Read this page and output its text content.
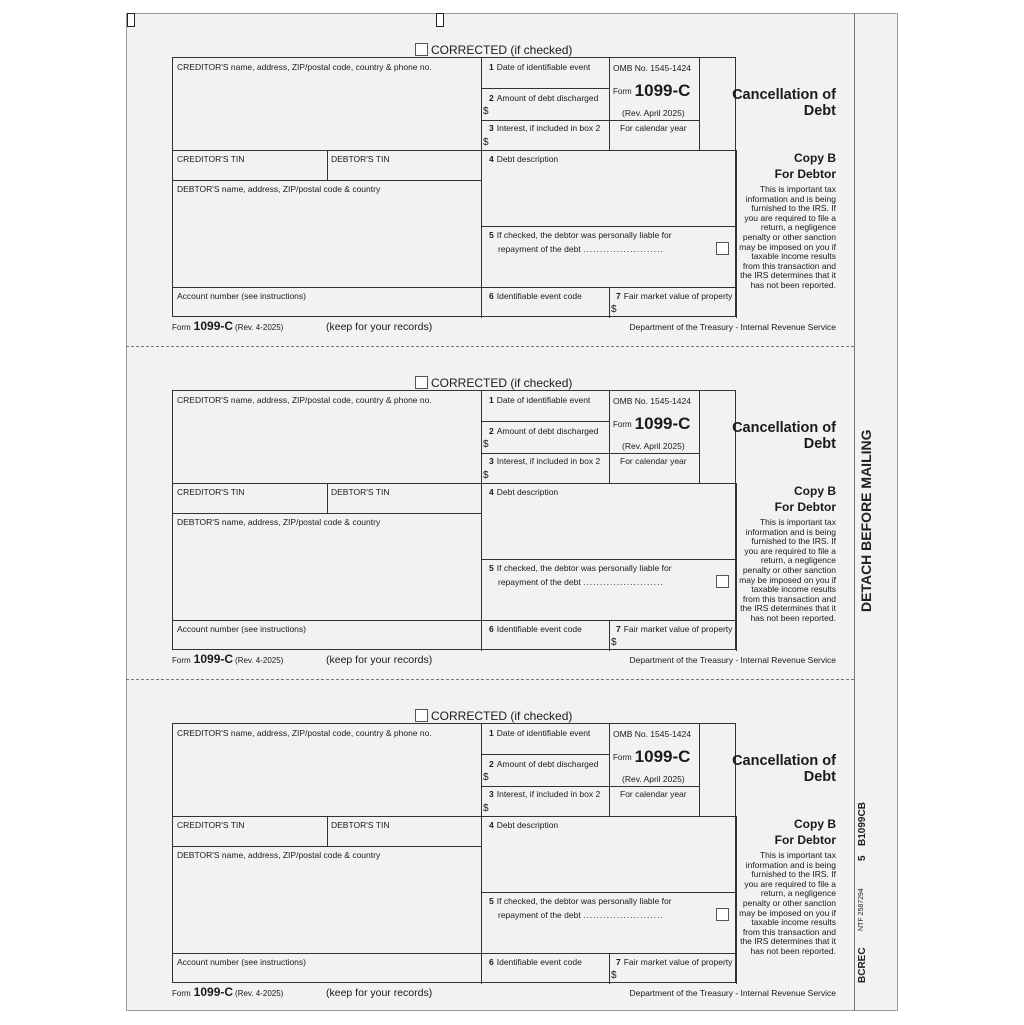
DETACH BEFORE MAILING
B1099CB
5
NTF 2587294
BCREC
CORRECTED (if checked)
CREDITOR'S name, address, ZIP/postal code, country & phone no.	1 Date of identifiable event	OMB No. 1545-1424
Form 1099-C
(Rev. April 2025)
2 Amount of debt discharged
$
3 Interest, if included in box 2
$
For calendar year
CREDITOR'S TIN	DEBTOR'S TIN	4 Debt description
DEBTOR'S name, address, ZIP/postal code & country
5 If checked, the debtor was personally liable for
repayment of the debt ........................
Account number (see instructions)	6 Identifiable event code	7 Fair market value of property
$
Cancellation of Debt
Copy B
For Debtor
This is important tax information and is being furnished to the IRS. If you are required to file a return, a negligence penalty or other sanction may be imposed on you if taxable income results from this transaction and the IRS determines that it has not been reported.
Form 1099-C (Rev. 4-2025)	(keep for your records)	Department of the Treasury - Internal Revenue Service
CORRECTED (if checked)
CREDITOR'S name, address, ZIP/postal code, country & phone no.	1 Date of identifiable event	OMB No. 1545-1424
Form 1099-C
(Rev. April 2025)
2 Amount of debt discharged
$
3 Interest, if included in box 2
$
For calendar year
CREDITOR'S TIN	DEBTOR'S TIN	4 Debt description
DEBTOR'S name, address, ZIP/postal code & country
5 If checked, the debtor was personally liable for
repayment of the debt ........................
Account number (see instructions)	6 Identifiable event code	7 Fair market value of property
$
Cancellation of Debt
Copy B
For Debtor
This is important tax information and is being furnished to the IRS. If you are required to file a return, a negligence penalty or other sanction may be imposed on you if taxable income results from this transaction and the IRS determines that it has not been reported.
Form 1099-C (Rev. 4-2025)	(keep for your records)	Department of the Treasury - Internal Revenue Service
CORRECTED (if checked)
CREDITOR'S name, address, ZIP/postal code, country & phone no.	1 Date of identifiable event	OMB No. 1545-1424
Form 1099-C
(Rev. April 2025)
2 Amount of debt discharged
$
3 Interest, if included in box 2
$
For calendar year
CREDITOR'S TIN	DEBTOR'S TIN	4 Debt description
DEBTOR'S name, address, ZIP/postal code & country
5 If checked, the debtor was personally liable for
repayment of the debt ........................
Account number (see instructions)	6 Identifiable event code	7 Fair market value of property
$
Cancellation of Debt
Copy B
For Debtor
This is important tax information and is being furnished to the IRS. If you are required to file a return, a negligence penalty or other sanction may be imposed on you if taxable income results from this transaction and the IRS determines that it has not been reported.
Form 1099-C (Rev. 4-2025)	(keep for your records)	Department of the Treasury - Internal Revenue Service
